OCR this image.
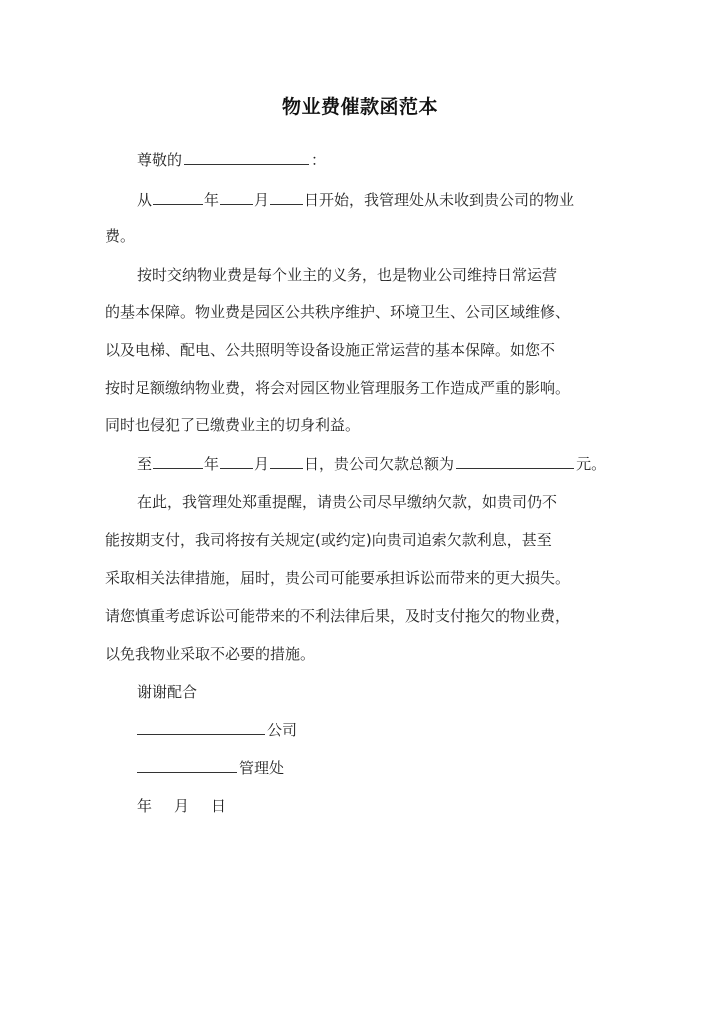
物业费催款函范本
尊敬的	：
从	年 月 日开始，我管理处从未收到贵公司的物业
费。
按时交纳物业费是每个业主的义务，也是物业公司维持日常运营
的基本保障。物业费是园区公共秩序维护、环境卫生、公司区域维修、
以及电梯、配电、公共照明等设备设施正常运营的基本保障。如您不
按时足额缴纳物业费，将会对园区物业管理服务工作造成严重的影响。
同时也侵犯了已缴费业主的切身利益。
至	年 月 日，贵公司欠款总额为	元。
在此，我管理处郑重提醒，请贵公司尽早缴纳欠款，如贵司仍不
能按期支付，我司将按有关规定(或约定)向贵司追索欠款利息，甚至
采取相关法律措施，届时，贵公司可能要承担诉讼而带来的更大损失。
请您慎重考虑诉讼可能带来的不利法律后果，及时支付拖欠的物业费，
以免我物业采取不必要的措施。
谢谢配合
公司
管理处
年 月 日
